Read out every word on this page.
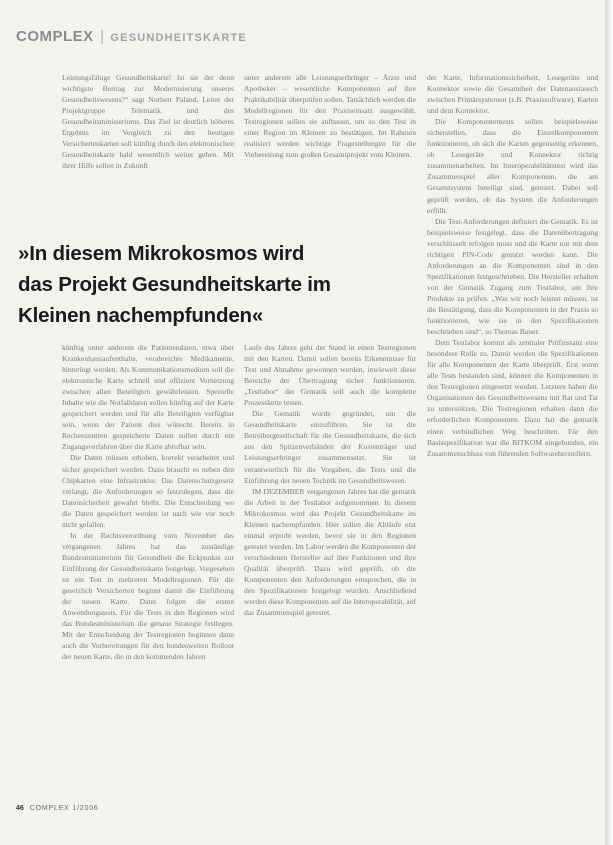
COMPLEX | GESUNDHEITSKARTE

Leistungsfähige Gesundheitskarte! Ist sie der denn wichtigste Beitrag zur Modernisierung unseres Gesundheitswesens?“ sagt Norbert Paland, Leiter der Projektgruppe Telematik und des Gesundheitsministeriums. Das Ziel ist deutlich höheres Ergebnis im Vergleich zu den heutigen Versichertenkarten soll künftig durch den elektronischen Gesundheitskarte bald wesentlich weiter gehen. Mit ihrer Hilfe sollen in Zukunft

unter anderem alle Leistungserbringer – Ärzte und Apotheker – wesentliche Komponenten auf ihre Praktikabilität überprüfen sollen. Tatsächlich werden die Modellregionen für den Praxiseinsatz ausgewählt. Testregionen sollen sie aufbauen, um so den Test in einer Region im Kleinen zu bestätigen. Im Rahmen realisiert werden wichtige Fragestellungen für die Vorbereitung zum großen Gesamtprojekt vom Kleinen.

»In diesem Mikrokosmos wird
das Projekt Gesundheitskarte im
Kleinen nachempfunden«

künftig unter anderem die Patientendaten, etwa über Krankenhausaufenthalte, verabreichte Medikamente, hinterlegt werden. Als Kommunikationsmedium soll die elektronische Karte schnell und effizient Vernetzung zwischen allen Beteiligten gewährleisten. Spezielle Inhalte wie die Notfalldaten sollen künftig auf der Karte gespeichert werden und für alle Beteiligten verfügbar sein, wenn der Patient dies wünscht. Bereits in Rechenzentren gespeicherte Daten sollen durch ein Zugangsverfahren über die Karte abrufbar sein.

Die Daten müssen erhoben, korrekt verarbeitet und sicher gespeichert werden. Dazu braucht es neben den Chipkarten eine Infrastruktur. Das Datenschutzgesetz verlangt, die Anforderungen so festzulegen, dass die Datensicherheit gewahrt bleibt. Die Entscheidung wo die Daten gespeichert werden ist nach wie vor noch nicht gefallen.

In der Rechtsverordnung vom November des vergangenen Jahres hat das zuständige Bundesministerium für Gesundheit die Eckpunkte zur Einführung der Gesundheitskarte festgelegt. Vorgesehen ist ein Test in mehreren Modellregionen. Für die gesetzlich Versicherten beginnt damit die Einführung der neuen Karte. Dann folgen die ersten Anwendungstests. Für die Tests in den Regionen wird das Bundesministerium die genaue Strategie festlegen. Mit der Entscheidung der Testregionen beginnen dann auch die Vorbereitungen für den bundesweiten Rollout der neuen Karte, die in den kommenden Jahren

Laufe des Jahres geht der Stand in einen Testregionen mit den Karten. Damit sollen bereits Erkenntnisse für Test und Abnahme gewonnen werden, inwieweit diese Bereiche der Übertragung sicher funktionieren. „Testlabor“ der Gematik soll auch die komplette Prozesskette testen.

Die Gematik wurde gegründet, um die Gesundheitskarte einzuführen. Sie ist die Betreibergesellschaft für die Gesundheitskarte, die sich aus den Spitzenverbänden der Kostenträger und Leistungserbringer zusammensetzt. Sie ist verantwortlich für die Vorgaben, die Tests und die Einführung der neuen Technik im Gesundheitswesen.

IM DEZEMBER vergangenen Jahres hat die gematik die Arbeit in der Testlabor aufgenommen. In diesem Mikrokosmos wird das Projekt Gesundheitskarte im Kleinen nachempfunden. Hier sollen die Abläufe erst einmal erprobt werden, bevor sie in den Regionen getestet werden. Im Labor werden die Komponenten der verschiedenen Hersteller auf ihre Funktionen und ihre Qualität überprüft. Dazu wird geprüft, ob die Komponenten den Anforderungen entsprechen, die in den Spezifikationen festgelegt wurden. Anschließend werden diese Komponenten auf die Interoperabilität, auf das Zusammenspiel getestet.

der Karte, Informationssicherheit, Lesegeräte und Konnektor sowie die Gesamtheit der Datenaustausch zwischen Primärsystemen (z.B. Praxissoftware), Karten und dem Konnektor.

Die Komponententests sollen beispielsweise sicherstellen, dass die Einzelkomponenten funktionieren, ob sich die Karten gegenseitig erkennen, ob Lesegeräte und Konnektor richtig zusammenarbeiten. Im Interoperabilitätstest wird das Zusammenspiel aller Komponenten, die am Gesamtsystem beteiligt sind, getestet. Dabei soll geprüft werden, ob das System die Anforderungen erfüllt.

Die Test-Anforderungen definiert die Gematik. Es ist beispielsweise festgelegt, dass die Datenübertragung verschlüsselt erfolgen muss und die Karte nur mit dem richtigen PIN-Code genutzt werden kann. Die Anforderungen an die Komponenten sind in den Spezifikationen festgeschrieben. Die Hersteller erhalten von der Gematik Zugang zum Testlabor, um ihre Produkte zu prüfen. „Was wir noch leisten müssen, ist die Bestätigung, dass die Komponenten in der Praxis so funktionieren, wie sie in den Spezifikationen beschrieben sind“, so Thomas Bauer.

Dem Testlabor kommt als zentraler Prüfinstanz eine besondere Rolle zu. Damit werden die Spezifikationen für alle Komponenten der Karte überprüft. Erst wenn alle Tests bestanden sind, können die Komponenten in den Testregionen eingesetzt werden. Letztere haben die Organisationen des Gesundheitswesens mit Rat und Tat zu unterstützen. Die Testregionen erhalten dann die erforderlichen Komponenten. Dazu hat die gematik einen verbindlichen Weg beschritten. Für den Basisspezifikation war die BITKOM eingebunden, ein Zusammenschluss von führenden Softwareherstellern.

46 COMPLEX 1/2006
